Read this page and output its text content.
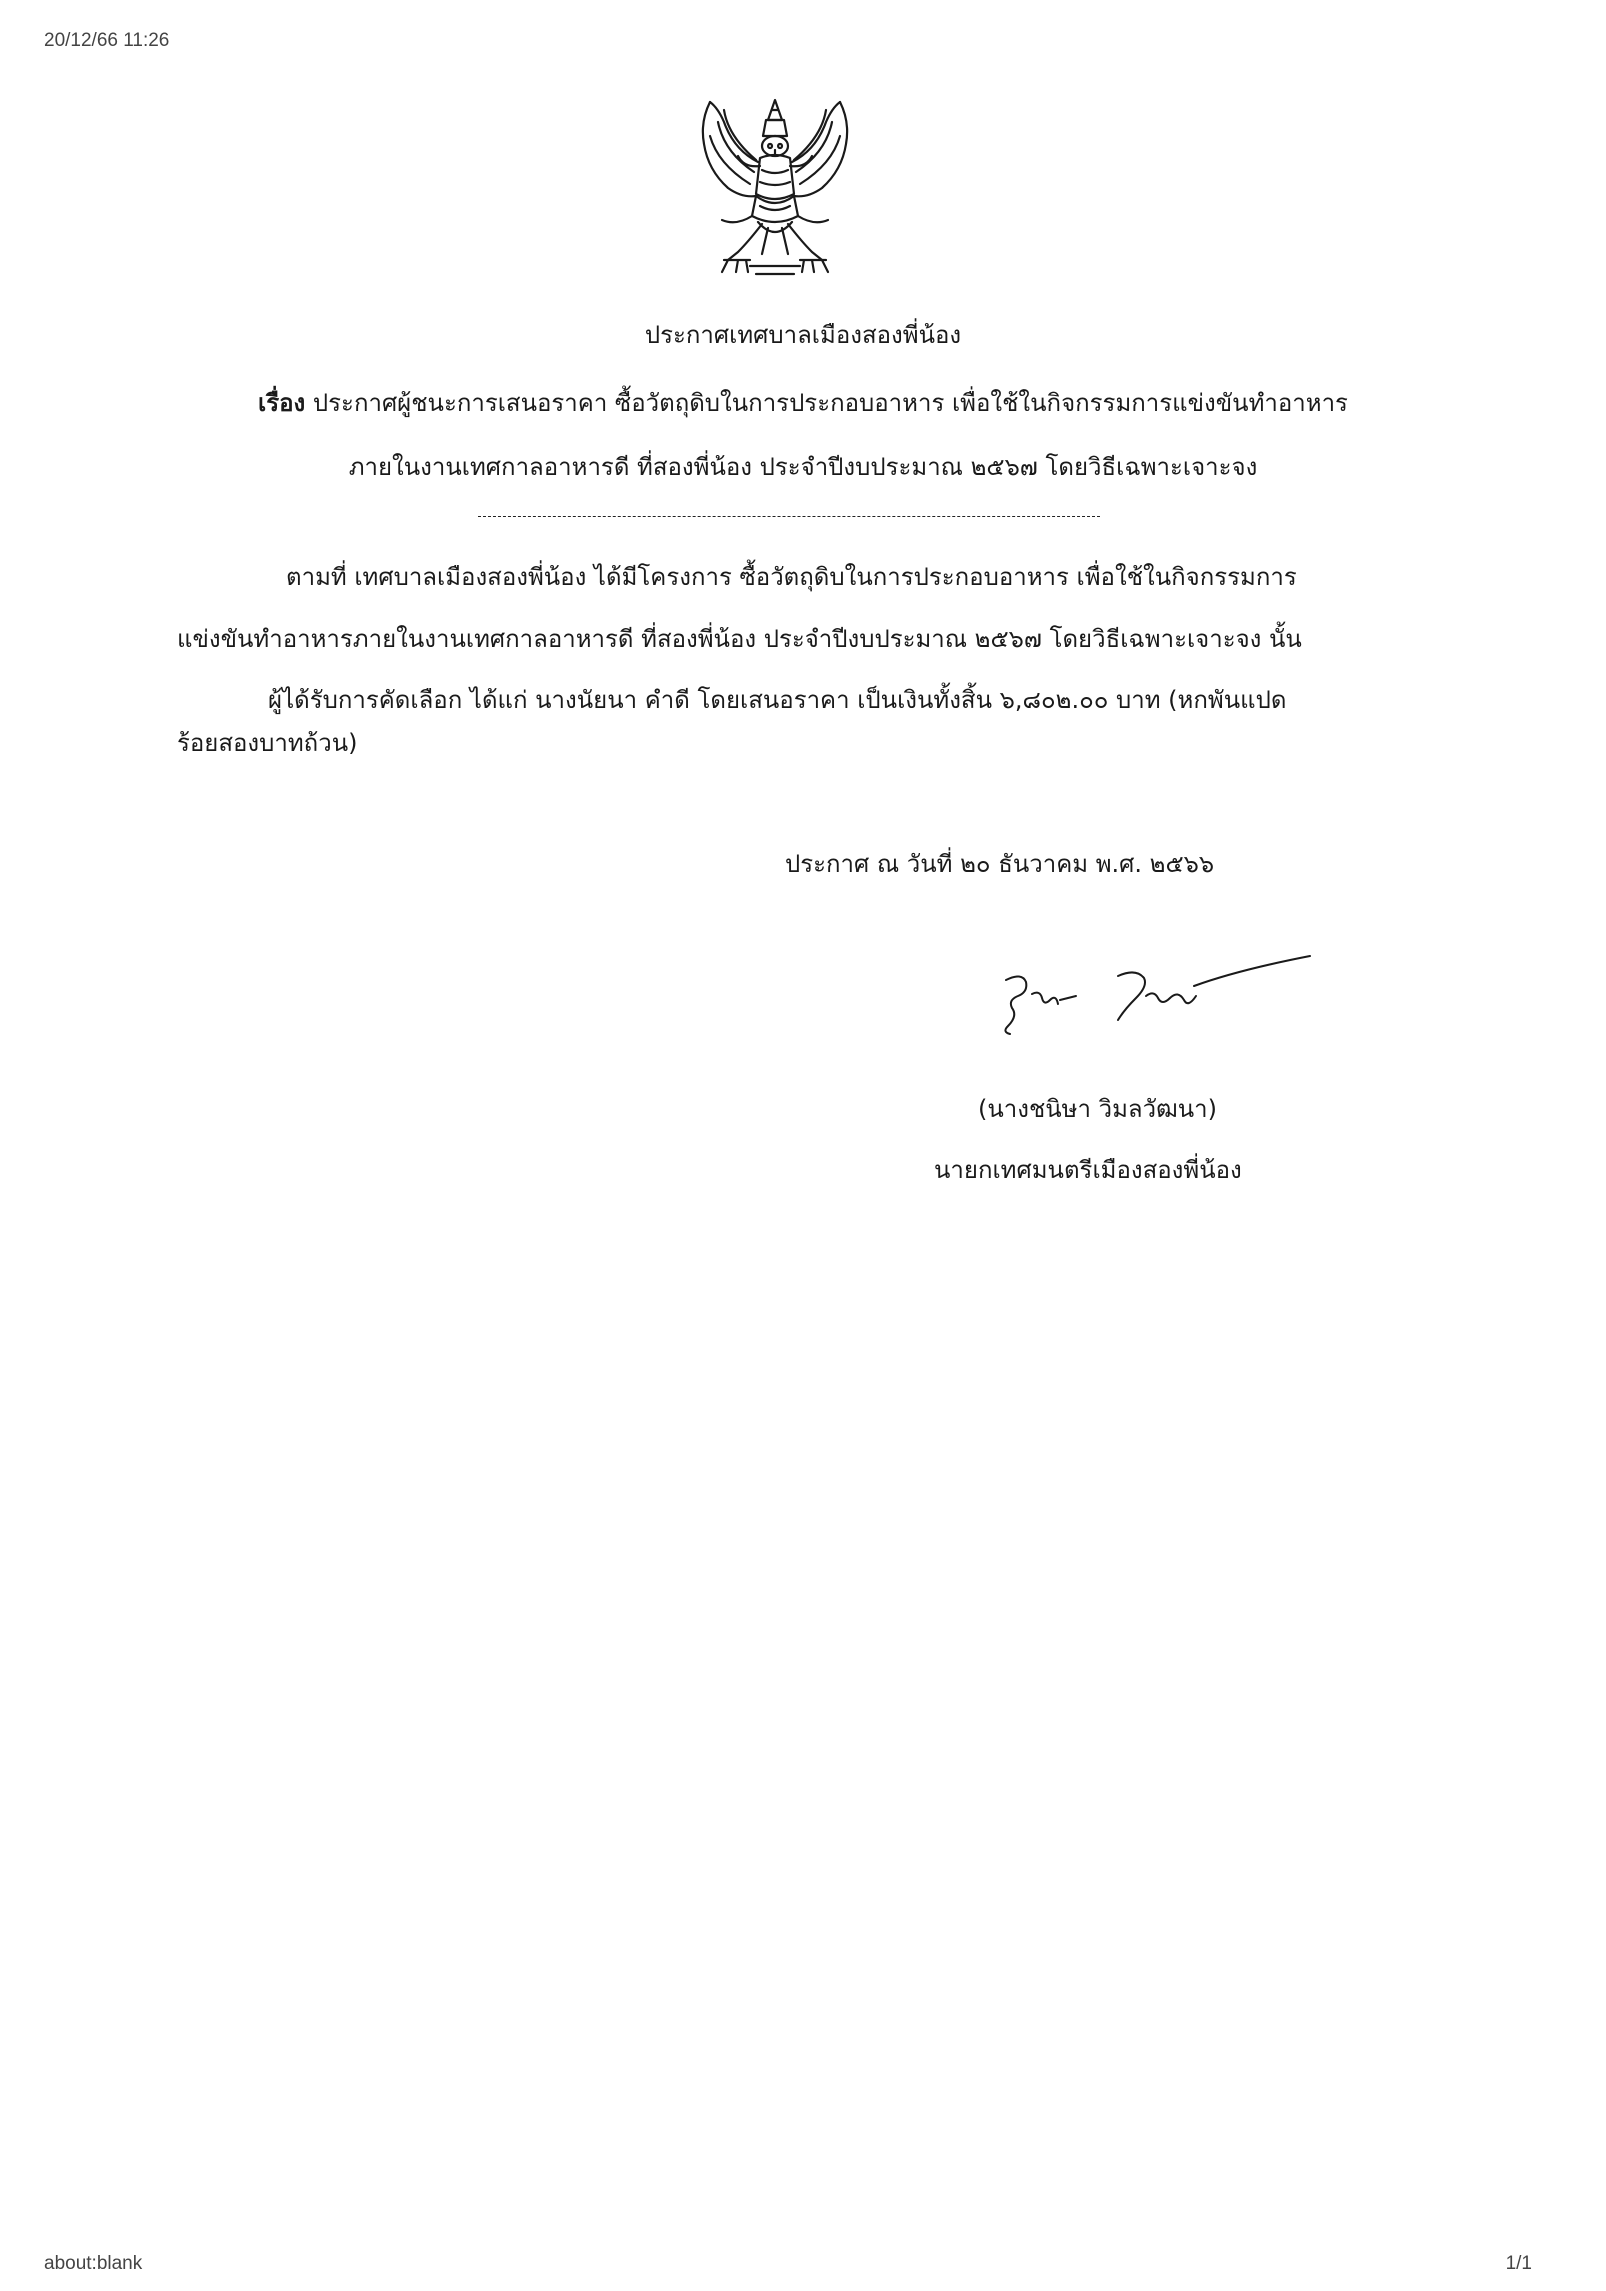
20/12/66 11:26
ประกาศเทศบาลเมืองสองพี่น้อง
เรื่อง ประกาศผู้ชนะการเสนอราคา ซื้อวัตถุดิบในการประกอบอาหาร เพื่อใช้ในกิจกรรมการแข่งขันทำอาหาร
ภายในงานเทศกาลอาหารดี ที่สองพี่น้อง ประจำปีงบประมาณ ๒๕๖๗ โดยวิธีเฉพาะเจาะจง
ตามที่ เทศบาลเมืองสองพี่น้อง ได้มีโครงการ ซื้อวัตถุดิบในการประกอบอาหาร เพื่อใช้ในกิจกรรมการ
แข่งขันทำอาหารภายในงานเทศกาลอาหารดี ที่สองพี่น้อง ประจำปีงบประมาณ ๒๕๖๗ โดยวิธีเฉพาะเจาะจง นั้น
ผู้ได้รับการคัดเลือก ได้แก่ นางนัยนา คำดี โดยเสนอราคา เป็นเงินทั้งสิ้น ๖,๘๐๒.๐๐ บาท (หกพันแปด
ร้อยสองบาทถ้วน)
ประกาศ ณ วันที่ ๒๐ ธันวาคม พ.ศ. ๒๕๖๖
(นางชนิษา วิมลวัฒนา)
นายกเทศมนตรีเมืองสองพี่น้อง
about:blank	1/1
